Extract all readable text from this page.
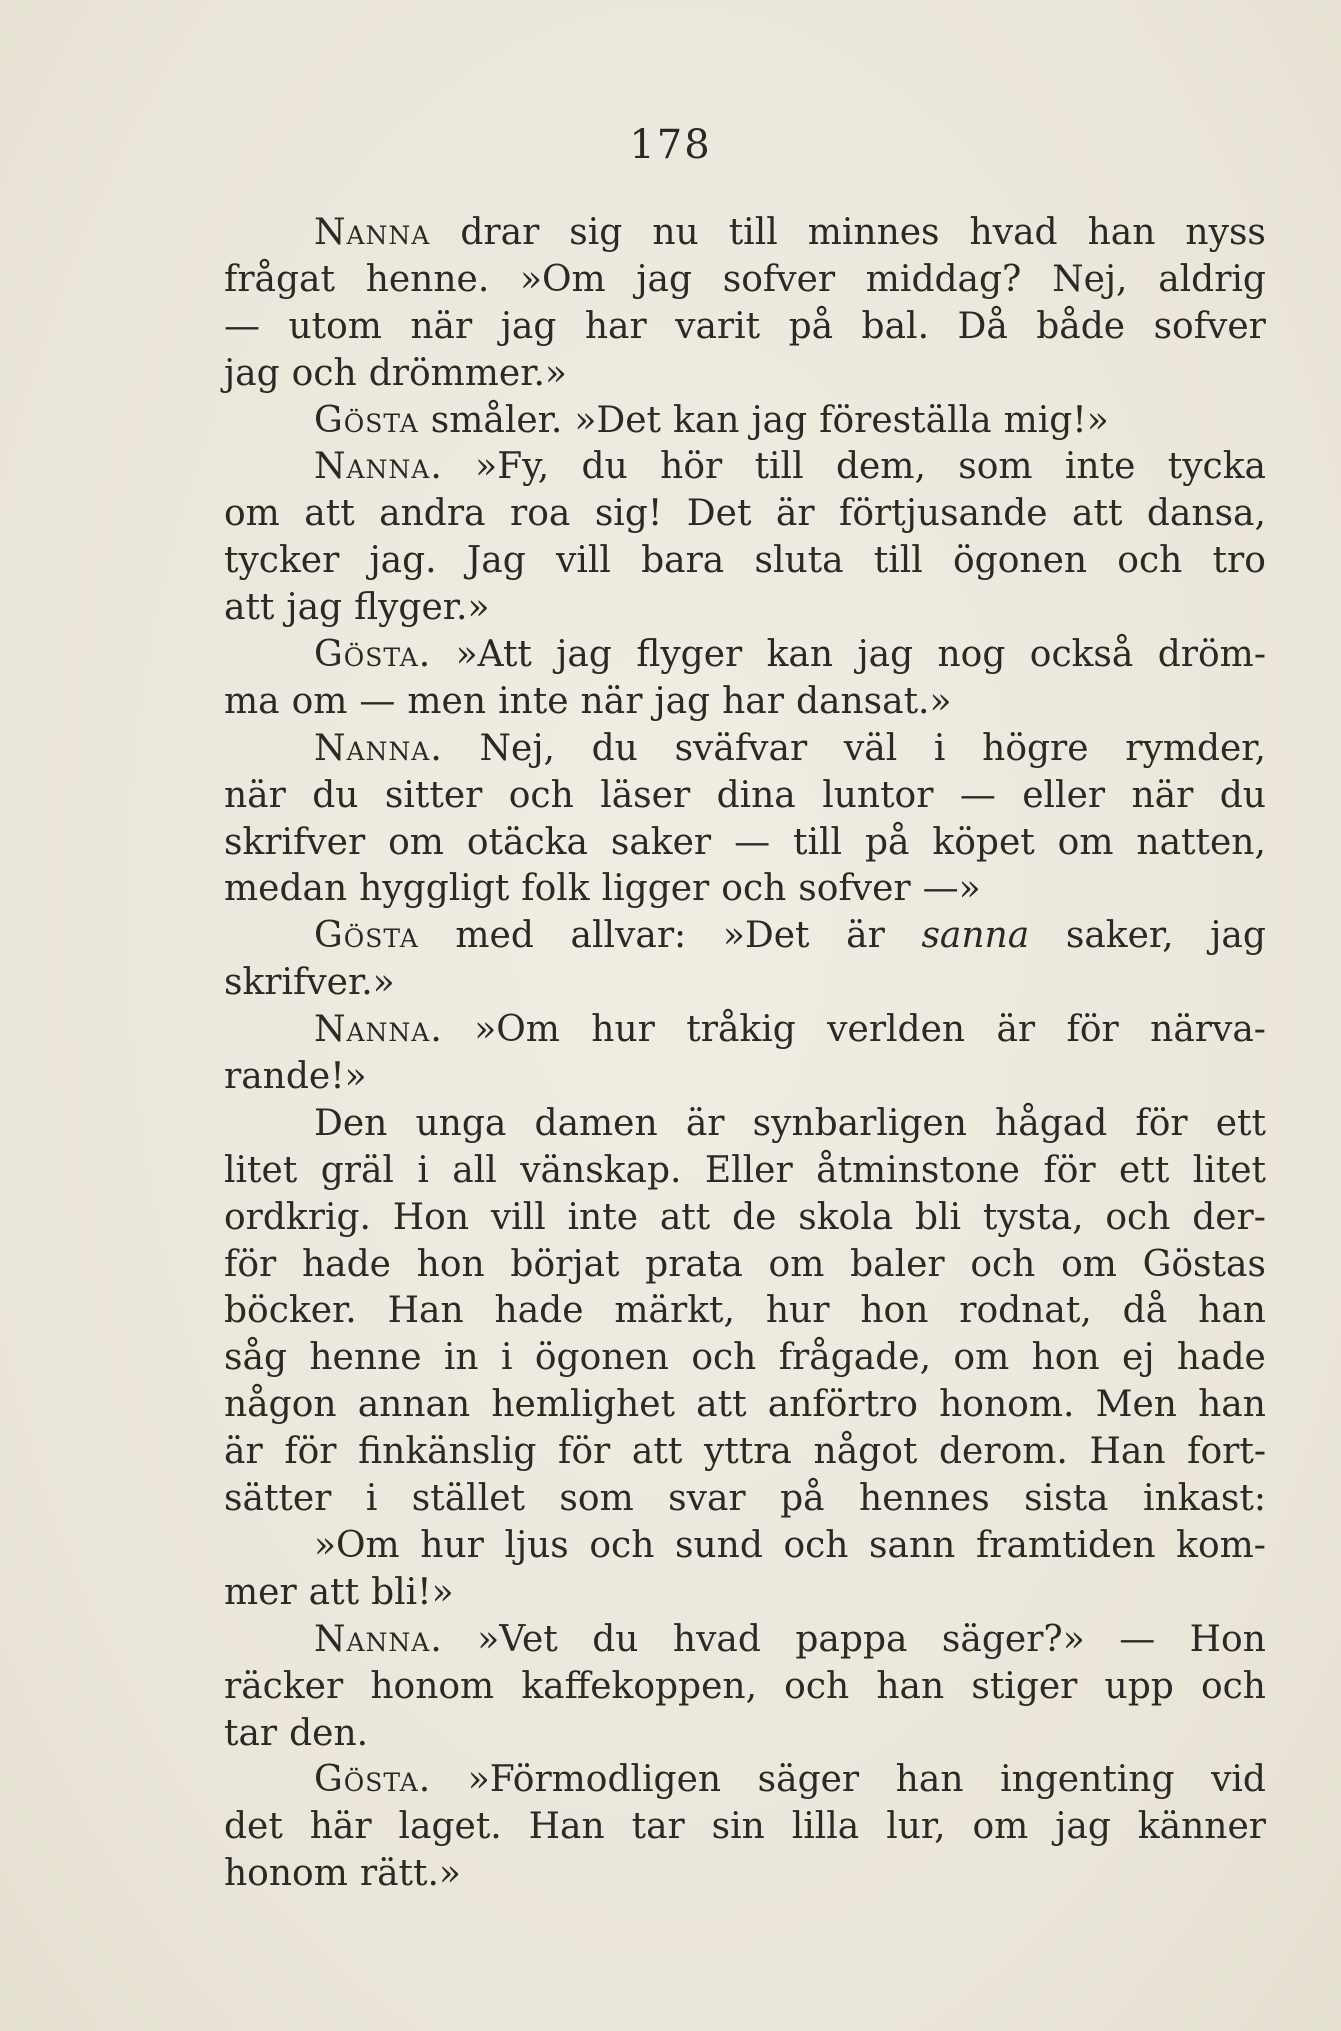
178
Nanna drar sig nu till minnes hvad han nyss
frågat henne. »Om jag sofver middag? Nej, aldrig
— utom när jag har varit på bal. Då både sofver
jag och drömmer.»
Gösta småler. »Det kan jag föreställa mig!»
Nanna. »Fy, du hör till dem, som inte tycka
om att andra roa sig! Det är förtjusande att dansa,
tycker jag. Jag vill bara sluta till ögonen och tro
att jag flyger.»
Gösta. »Att jag flyger kan jag nog också dröm-
ma om — men inte när jag har dansat.»
Nanna. Nej, du sväfvar väl i högre rymder,
när du sitter och läser dina luntor — eller när du
skrifver om otäcka saker — till på köpet om natten,
medan hyggligt folk ligger och sofver —»
Gösta med allvar: »Det är sanna saker, jag
skrifver.»
Nanna. »Om hur tråkig verlden är för närva-
rande!»
Den unga damen är synbarligen hågad för ett
litet gräl i all vänskap. Eller åtminstone för ett litet
ordkrig. Hon vill inte att de skola bli tysta, och der-
för hade hon börjat prata om baler och om Göstas
böcker. Han hade märkt, hur hon rodnat, då han
såg henne in i ögonen och frågade, om hon ej hade
någon annan hemlighet att anförtro honom. Men han
är för finkänslig för att yttra något derom. Han fort-
sätter i stället som svar på hennes sista inkast:
»Om hur ljus och sund och sann framtiden kom-
mer att bli!»
Nanna. »Vet du hvad pappa säger?» — Hon
räcker honom kaffekoppen, och han stiger upp och
tar den.
Gösta. »Förmodligen säger han ingenting vid
det här laget. Han tar sin lilla lur, om jag känner
honom rätt.»
